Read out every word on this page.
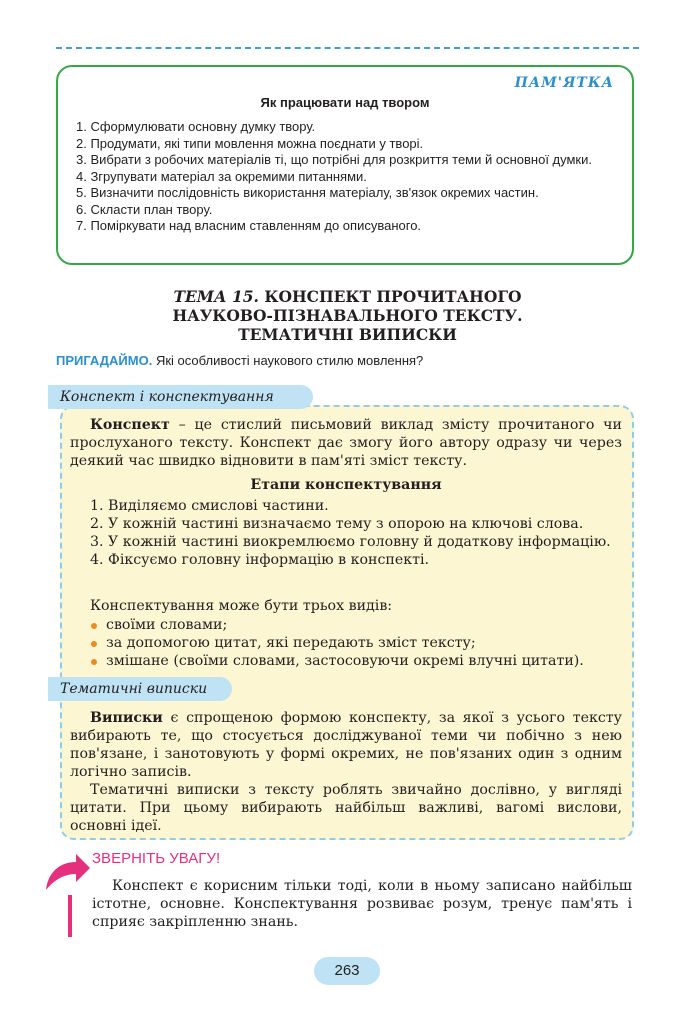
ПАМ'ЯТКА
Як працювати над твором
1. Сформулювати основну думку твору.
2. Продумати, які типи мовлення можна поєднати у творі.
3. Вибрати з робочих матеріалів ті, що потрібні для розкриття теми й основної думки.
4. Згрупувати матеріал за окремими питаннями.
5. Визначити послідовність використання матеріалу, зв'язок окремих частин.
6. Скласти план твору.
7. Поміркувати над власним ставленням до описуваного.
ТЕМА 15. КОНСПЕКТ ПРОЧИТАНОГО
НАУКОВО-ПІЗНАВАЛЬНОГО ТЕКСТУ.
ТЕМАТИЧНІ ВИПИСКИ
ПРИГАДАЙМО. Які особливості наукового стилю мовлення?
Конспект і конспектування

Конспект – це стислий письмовий виклад змісту прочитаного чи прослуханого тексту. Конспект дає змогу його автору одразу чи через деякий час швидко відновити в пам'яті зміст тексту.

Етапи конспектування
1. Виділяємо смислові частини.
2. У кожній частині визначаємо тему з опорою на ключові слова.
3. У кожній частині виокремлюємо головну й додаткову інформацію.
4. Фіксуємо головну інформацію в конспекті.

Конспектування може бути трьох видів:

своїми словами;
за допомогою цитат, які передають зміст тексту;
змішане (своїми словами, застосовуючи окремі влучні цитати).
Тематичні виписки

Виписки є спрощеною формою конспекту, за якої з усього тексту вибирають те, що стосується досліджуваної теми чи побічно з нею пов'язане, і занотовують у формі окремих, не пов'язаних один з одним логічно записів.

Тематичні виписки з тексту роблять звичайно дослівно, у вигляді цитати. При цьому вибирають найбільш важливі, вагомі вислови, основні ідеї.

ЗВЕРНІТЬ УВАГУ!

Конспект є корисним тільки тоді, коли в ньому записано найбільш істотне, основне. Конспектування розвиває розум, тренує пам'ять і сприяє закріпленню знань.

263
